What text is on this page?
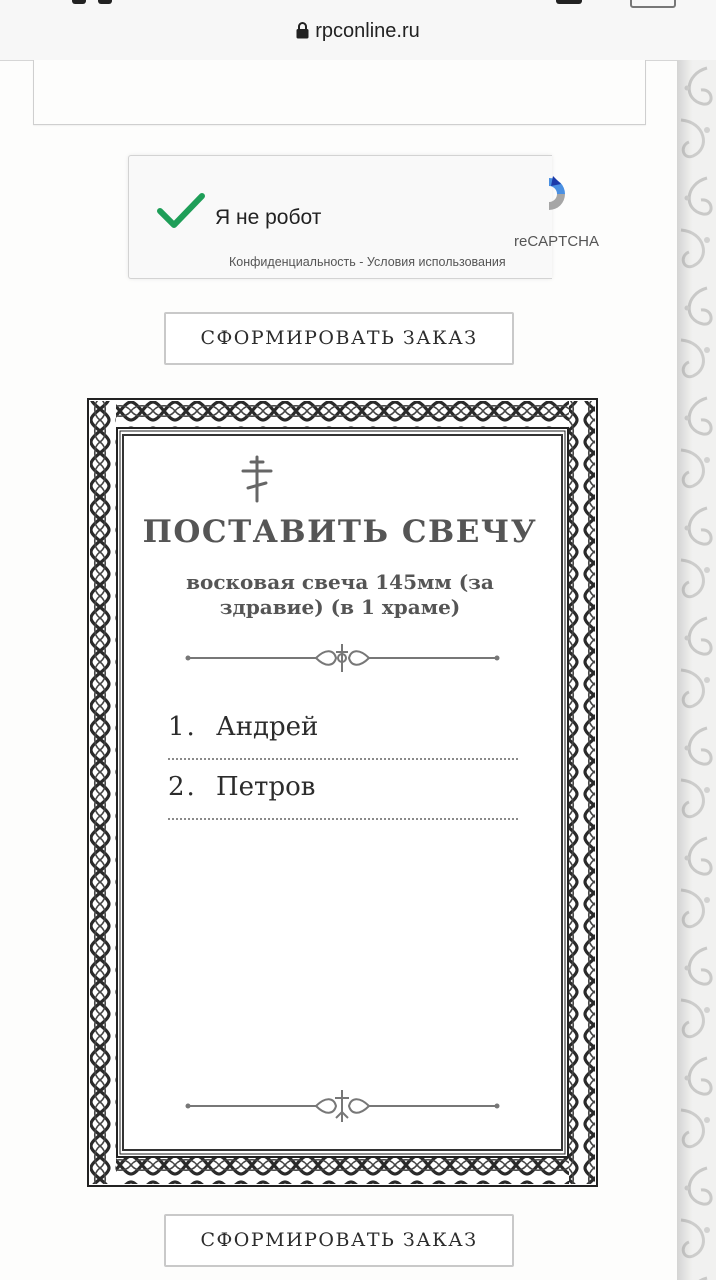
rpconline.ru
Я не робот
reCAPTCHA
Конфиденциальность - Условия использования
СФОРМИРОВАТЬ ЗАКАЗ
ПОСТАВИТЬ СВЕЧУ
восковая свеча 145мм (за здравие) (в 1 храме)
1. Андрей
2. Петров
СФОРМИРОВАТЬ ЗАКАЗ
